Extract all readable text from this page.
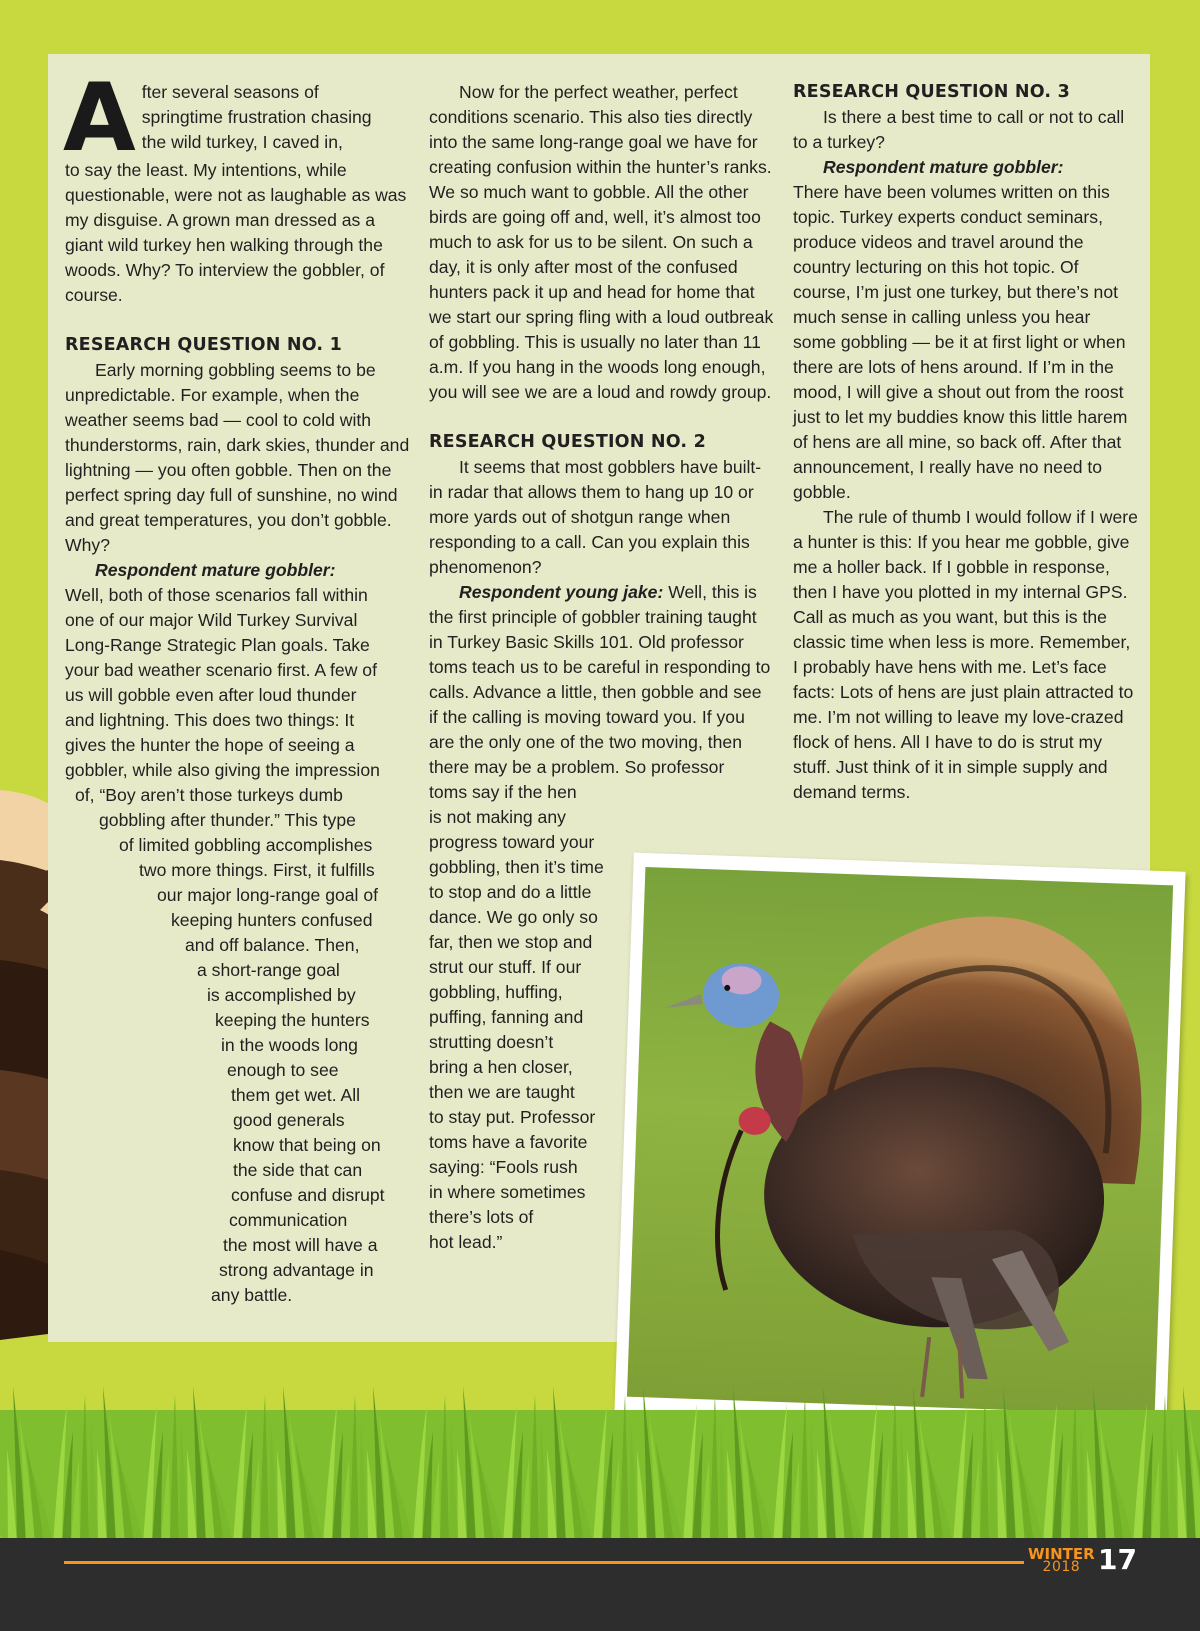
A fter several seasons of
springtime frustration chasing
the wild turkey, I caved in,

to say the least. My intentions, while questionable, were not as laughable as was my disguise. A grown man dressed as a giant wild turkey hen walking through the woods. Why? To interview the gobbler, of course.

RESEARCH QUESTION NO. 1

Early morning gobbling seems to be unpredictable. For example, when the weather seems bad — cool to cold with thunderstorms, rain, dark skies, thunder and lightning — you often gobble. Then on the perfect spring day full of sunshine, no wind and great temperatures, you don’t gobble. Why?

Respondent mature gobbler:

Well, both of those scenarios fall within
one of our major Wild Turkey Survival
Long-Range Strategic Plan goals. Take
your bad weather scenario first. A few of
us will gobble even after loud thunder
and lightning. This does two things: It
gives the hunter the hope of seeing a
gobbler, while also giving the impression
of, “Boy aren’t those turkeys dumb
gobbling after thunder.” This type
of limited gobbling accomplishes
two more things. First, it fulfills
our major long-range goal of
keeping hunters confused
and off balance. Then,
a short-range goal
is accomplished by
keeping the hunters
in the woods long
enough to see
them get wet. All
good generals
know that being on
the side that can
confuse and disrupt
communication
the most will have a
strong advantage in
any battle.

Now for the perfect weather, perfect conditions scenario. This also ties directly into the same long-range goal we have for creating confusion within the hunter’s ranks. We so much want to gobble. All the other birds are going off and, well, it’s almost too much to ask for us to be silent. On such a day, it is only after most of the confused hunters pack it up and head for home that we start our spring fling with a loud outbreak of gobbling. This is usually no later than 11 a.m. If you hang in the woods long enough, you will see we are a loud and rowdy group.

RESEARCH QUESTION NO. 2

It seems that most gobblers have built-in radar that allows them to hang up 10 or more yards out of shotgun range when responding to a call. Can you explain this phenomenon?

Respondent young jake: Well, this is the first principle of gobbler training taught in Turkey Basic Skills 101. Old professor toms teach us to be careful in responding to calls. Advance a little, then gobble and see if the calling is moving toward you. If you are the only one of the two moving, then there may be a problem. So professor

toms say if the hen
is not making any
progress toward your
gobbling, then it’s time
to stop and do a little
dance. We go only so
far, then we stop and
strut our stuff. If our
gobbling, huffing,
puffing, fanning and
strutting doesn’t
bring a hen closer,
then we are taught
to stay put. Professor
toms have a favorite
saying: “Fools rush
in where sometimes
there’s lots of
hot lead.”
RESEARCH QUESTION NO. 3

Is there a best time to call or not to call to a turkey?

Respondent mature gobbler:

There have been volumes written on this topic. Turkey experts conduct seminars, produce videos and travel around the country lecturing on this hot topic. Of course, I’m just one turkey, but there’s not much sense in calling unless you hear some gobbling — be it at first light or when there are lots of hens around. If I’m in the mood, I will give a shout out from the roost just to let my buddies know this little harem of hens are all mine, so back off. After that announcement, I really have no need to gobble.

The rule of thumb I would follow if I were a hunter is this: If you hear me gobble, give me a holler back. If I gobble in response, then I have you plotted in my internal GPS. Call as much as you want, but this is the classic time when less is more. Remember, I probably have hens with me. Let’s face facts: Lots of hens are just plain attracted to me. I’m not willing to leave my love-crazed flock of hens. All I have to do is strut my stuff. Just think of it in simple supply and demand terms.

WINTER
2018 17
